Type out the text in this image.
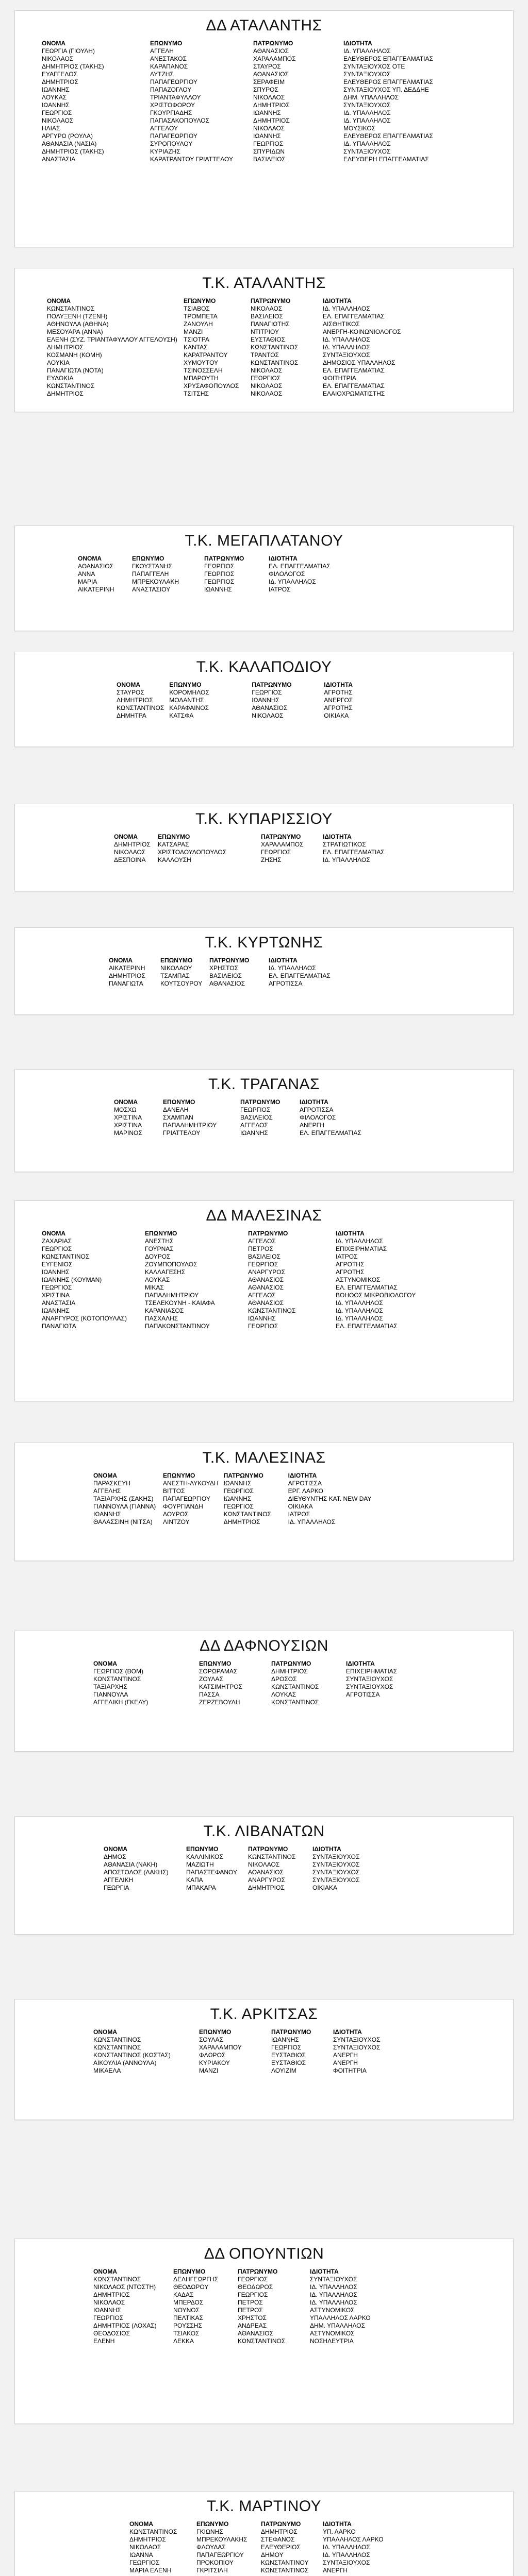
ΔΔ ΑΤΑΛΑΝΤΗΣ
ΟΝΟΜΑ	ΕΠΩΝΥΜΟ	ΠΑΤΡΩΝΥΜΟ	ΙΔΙΟΤΗΤΑ
ΓΕΩΡΓΙΑ (ΓΙΟΥΛΗ)	ΑΓΓΕΛΗ	ΑΘΑΝΑΣΙΟΣ	ΙΔ. ΥΠΑΛΛΗΛΟΣ
ΝΙΚΟΛΑΟΣ	ΑΝΕΣΤΑΚΟΣ	ΧΑΡΑΛΑΜΠΟΣ	ΕΛΕΥΘΕΡΟΣ ΕΠΑΓΓΕΛΜΑΤΙΑΣ
ΔΗΜΗΤΡΙΟΣ (ΤΑΚΗΣ)	ΚΑΡΑΠΑΝΟΣ	ΣΤΑΥΡΟΣ	ΣΥΝΤΑΞΙΟΥΧΟΣ ΟΤΕ
ΕΥΑΓΓΕΛΟΣ	ΛΥΤΖΗΣ	ΑΘΑΝΑΣΙΟΣ	ΣΥΝΤΑΞΙΟΥΧΟΣ
ΔΗΜΗΤΡΙΟΣ	ΠΑΠΑΓΕΩΡΓΙΟΥ	ΣΕΡΑΦΕΙΜ	ΕΛΕΥΘΕΡΟΣ ΕΠΑΓΓΕΛΜΑΤΙΑΣ
ΙΩΑΝΝΗΣ	ΠΑΠΑΖΟΓΛΟΥ	ΣΠΥΡΟΣ	ΣΥΝΤΑΞΙΟΥΧΟΣ ΥΠ. ΔΕΔΔΗΕ
ΛΟΥΚΑΣ	ΤΡΙΑΝΤΑΦΥΛΛΟΥ	ΝΙΚΟΛΑΟΣ	ΔΗΜ. ΥΠΑΛΛΗΛΟΣ
ΙΩΑΝΝΗΣ	ΧΡΙΣΤΟΦΟΡΟΥ	ΔΗΜΗΤΡΙΟΣ	ΣΥΝΤΑΞΙΟΥΧΟΣ
ΓΕΩΡΓΙΟΣ	ΓΚΟΥΡΓΙΑΔΗΣ	ΙΩΑΝΝΗΣ	ΙΔ. ΥΠΑΛΛΗΛΟΣ
ΝΙΚΟΛΑΟΣ	ΠΑΠΑΣΑΚΟΠΟΥΛΟΣ	ΔΗΜΗΤΡΙΟΣ	ΙΔ. ΥΠΑΛΛΗΛΟΣ
ΗΛΙΑΣ	ΑΓΓΕΛΟΥ	ΝΙΚΟΛΑΟΣ	ΜΟΥΣΙΚΟΣ
ΑΡΓΥΡΩ (ΡΟΥΛΑ)	ΠΑΠΑΓΕΩΡΓΙΟΥ	ΙΩΑΝΝΗΣ	ΕΛΕΥΘΕΡΟΣ ΕΠΑΓΓΕΛΜΑΤΙΑΣ
ΑΘΑΝΑΣΙΑ (ΝΑΣΙΑ)	ΣΥΡΟΠΟΥΛΟΥ	ΓΕΩΡΓΙΟΣ	ΙΔ. ΥΠΑΛΛΗΛΟΣ
ΔΗΜΗΤΡΙΟΣ (ΤΑΚΗΣ)	ΚΥΡΙΑΖΗΣ	ΣΠΥΡΙΔΩΝ	ΣΥΝΤΑΞΙΟΥΧΟΣ
ΑΝΑΣΤΑΣΙΑ	ΚΑΡΑΤΡΑΝΤΟΥ ΓΡΙΑΤΤΕΛΟΥ	ΒΑΣΙΛΕΙΟΣ	ΕΛΕΥΘΕΡΗ ΕΠΑΓΓΕΛΜΑΤΙΑΣ
Τ.Κ. ΑΤΑΛΑΝΤΗΣ
ΟΝΟΜΑ	ΕΠΩΝΥΜΟ	ΠΑΤΡΩΝΥΜΟ	ΙΔΙΟΤΗΤΑ
ΚΩΝΣΤΑΝΤΙΝΟΣ	ΤΣΙΑΒΟΣ	ΝΙΚΟΛΑΟΣ	ΙΔ. ΥΠΑΛΛΗΛΟΣ
ΠΟΛΥΞΕΝΗ (ΤΖΕΝΗ)	ΤΡΟΜΠΕΤΑ	ΒΑΣΙΛΕΙΟΣ	ΕΛ. ΕΠΑΓΓΕΛΜΑΤΙΑΣ
ΑΘΗΝΟΥΛΑ (ΑΘΗΝΑ)	ΖΑΝΟΥΛΗ	ΠΑΝΑΓΙΩΤΗΣ	ΑΙΣΘΗΤΙΚΟΣ
ΜΕΣΟΥΑΡΑ (ΑΝΝΑ)	ΜΑΝΖΙ	ΝΤΙΤΡΙΟΥ	ΑΝΕΡΓΗ-ΚΟΙΝΩΝΙΟΛΟΓΟΣ
ΕΛΕΝΗ (ΣΥΖ. ΤΡΙΑΝΤΑΦΥΛΛΟΥ ΑΓΓΕΛΟΥΣΗ)	ΤΣΙΟΤΡΑ	ΕΥΣΤΑΘΙΟΣ	ΙΔ. ΥΠΑΛΛΗΛΟΣ
ΔΗΜΗΤΡΙΟΣ	ΚΑΝΤΑΣ	ΚΩΝΣΤΑΝΤΙΝΟΣ	ΙΔ. ΥΠΑΛΛΗΛΟΣ
ΚΟΣΜΑΝΗ (ΚΟΜΗ)	ΚΑΡΑΤΡΑΝΤΟΥ	ΤΡΑΝΤΟΣ	ΣΥΝΤΑΞΙΟΥΧΟΣ
ΛΟΥΚΙΑ	ΧΥΜΟΥΤΟΥ	ΚΩΝΣΤΑΝΤΙΝΟΣ	ΔΗΜΟΣΙΟΣ ΥΠΑΛΛΗΛΟΣ
ΠΑΝΑΓΙΩΤΑ (ΝΟΤΑ)	ΤΣΙΝΟΣΣΕΛΗ	ΝΙΚΟΛΑΟΣ	ΕΛ. ΕΠΑΓΓΕΛΜΑΤΙΑΣ
ΕΥΔΟΚΙΑ	ΜΠΑΡΟΥΤΗ	ΓΕΩΡΓΙΟΣ	ΦΟΙΤΗΤΡΙΑ
ΚΩΝΣΤΑΝΤΙΝΟΣ	ΧΡΥΣΑΦΟΠΟΥΛΟΣ	ΝΙΚΟΛΑΟΣ	ΕΛ. ΕΠΑΓΓΕΛΜΑΤΙΑΣ
ΔΗΜΗΤΡΙΟΣ	ΤΣΙΤΣΗΣ	ΝΙΚΟΛΑΟΣ	ΕΛΑΙΟΧΡΩΜΑΤΙΣΤΗΣ
Τ.Κ. ΜΕΓΑΠΛΑΤΑΝΟΥ
ΟΝΟΜΑ	ΕΠΩΝΥΜΟ	ΠΑΤΡΩΝΥΜΟ	ΙΔΙΟΤΗΤΑ
ΑΘΑΝΑΣΙΟΣ	ΓΚΟΥΣΤΑΝΗΣ	ΓΕΩΡΓΙΟΣ	ΕΛ. ΕΠΑΓΓΕΛΜΑΤΙΑΣ
ΑΝΝΑ	ΠΑΠΑΓΓΕΛΗ	ΓΕΩΡΓΙΟΣ	ΦΙΛΟΛΟΓΟΣ
ΜΑΡΙΑ	ΜΠΡΕΚΟΥΛΑΚΗ	ΓΕΩΡΓΙΟΣ	ΙΔ. ΥΠΑΛΛΗΛΟΣ
ΑΙΚΑΤΕΡΙΝΗ	ΑΝΑΣΤΑΣΙΟΥ	ΙΩΑΝΝΗΣ	ΙΑΤΡΟΣ
Τ.Κ. ΚΑΛΑΠΟΔΙΟΥ
ΟΝΟΜΑ	ΕΠΩΝΥΜΟ	ΠΑΤΡΩΝΥΜΟ	ΙΔΙΟΤΗΤΑ
ΣΤΑΥΡΟΣ	ΚΟΡΟΜΗΛΟΣ	ΓΕΩΡΓΙΟΣ	ΑΓΡΟΤΗΣ
ΔΗΜΗΤΡΙΟΣ	ΜΟΔΑΝΤΗΣ	ΙΩΑΝΝΗΣ	ΑΝΕΡΓΟΣ
ΚΩΝΣΤΑΝΤΙΝΟΣ	ΚΑΡΑΦΑΙΝΟΣ	ΑΘΑΝΑΣΙΟΣ	ΑΓΡΟΤΗΣ
ΔΗΜΗΤΡΑ	ΚΑΤΣΦΑ	ΝΙΚΟΛΑΟΣ	ΟΙΚΙΑΚΑ
Τ.Κ. ΚΥΠΑΡΙΣΣΙΟΥ
ΟΝΟΜΑ	ΕΠΩΝΥΜΟ	ΠΑΤΡΩΝΥΜΟ	ΙΔΙΟΤΗΤΑ
ΔΗΜΗΤΡΙΟΣ	ΚΑΤΣΑΡΑΣ	ΧΑΡΑΛΑΜΠΟΣ	ΣΤΡΑΤΙΩΤΙΚΟΣ
ΝΙΚΟΛΑΟΣ	ΧΡΙΣΤΟΔΟΥΛΟΠΟΥΛΟΣ	ΓΕΩΡΓΙΟΣ	ΕΛ. ΕΠΑΓΓΕΛΜΑΤΙΑΣ
ΔΕΣΠΟΙΝΑ	ΚΑΛΛΟΥΣΗ	ΖΗΣΗΣ	ΙΔ. ΥΠΑΛΛΗΛΟΣ
Τ.Κ. ΚΥΡΤΩΝΗΣ
ΟΝΟΜΑ	ΕΠΩΝΥΜΟ	ΠΑΤΡΩΝΥΜΟ	ΙΔΙΟΤΗΤΑ
ΑΙΚΑΤΕΡΙΝΗ	ΝΙΚΟΛΑΟΥ	ΧΡΗΣΤΟΣ	ΙΔ. ΥΠΑΛΛΗΛΟΣ
ΔΗΜΗΤΡΙΟΣ	ΤΣΑΜΠΑΣ	ΒΑΣΙΛΕΙΟΣ	ΕΛ. ΕΠΑΓΓΕΛΜΑΤΙΑΣ
ΠΑΝΑΓΙΩΤΑ	ΚΟΥΤΣΟΥΡΟΥ	ΑΘΑΝΑΣΙΟΣ	ΑΓΡΟΤΙΣΣΑ
Τ.Κ. ΤΡΑΓΑΝΑΣ
ΟΝΟΜΑ	ΕΠΩΝΥΜΟ	ΠΑΤΡΩΝΥΜΟ	ΙΔΙΟΤΗΤΑ
ΜΟΣΧΩ	ΔΑΝΕΛΗ	ΓΕΩΡΓΙΟΣ	ΑΓΡΟΤΙΣΣΑ
ΧΡΙΣΤΙΝΑ	ΣΧΑΜΠΑΝ	ΒΑΣΙΛΕΙΟΣ	ΦΙΛΟΛΟΓΟΣ
ΧΡΙΣΤΙΝΑ	ΠΑΠΑΔΗΜΗΤΡΙΟΥ	ΑΓΓΕΛΟΣ	ΑΝΕΡΓΗ
ΜΑΡΙΝΟΣ	ΓΡΙΑΤΤΕΛΟΥ	ΙΩΑΝΝΗΣ	ΕΛ. ΕΠΑΓΓΕΛΜΑΤΙΑΣ
ΔΔ ΜΑΛΕΣΙΝΑΣ
ΟΝΟΜΑ	ΕΠΩΝΥΜΟ	ΠΑΤΡΩΝΥΜΟ	ΙΔΙΟΤΗΤΑ
ΖΑΧΑΡΙΑΣ	ΑΝΕΣΤΗΣ	ΑΓΓΕΛΟΣ	ΙΔ. ΥΠΑΛΛΗΛΟΣ
ΓΕΩΡΓΙΟΣ	ΓΟΥΡΝΑΣ	ΠΕΤΡΟΣ	ΕΠΙΧΕΙΡΗΜΑΤΙΑΣ
ΚΩΝΣΤΑΝΤΙΝΟΣ	ΔΟΥΡΟΣ	ΒΑΣΙΛΕΙΟΣ	ΙΑΤΡΟΣ
ΕΥΓΕΝΙΟΣ	ΖΟΥΜΠΟΠΟΥΛΟΣ	ΓΕΩΡΓΙΟΣ	ΑΓΡΟΤΗΣ
ΙΩΑΝΝΗΣ	ΚΑΛΛΑΓΕΣΗΣ	ΑΝΑΡΓΥΡΟΣ	ΑΓΡΟΤΗΣ
ΙΩΑΝΝΗΣ (ΚΟΥΜΑΝ)	ΛΟΥΚΑΣ	ΑΘΑΝΑΣΙΟΣ	ΑΣΤΥΝΟΜΙΚΟΣ
ΓΕΩΡΓΙΟΣ	ΜΙΚΑΣ	ΑΘΑΝΑΣΙΟΣ	ΕΛ. ΕΠΑΓΓΕΛΜΑΤΙΑΣ
ΧΡΙΣΤΙΝΑ	ΠΑΠΑΔΗΜΗΤΡΙΟΥ	ΑΓΓΕΛΟΣ	ΒΟΗΘΟΣ ΜΙΚΡΟΒΙΟΛΟΓΟΥ
ΑΝΑΣΤΑΣΙΑ	ΤΣΕΛΕΚΟΥΝΗ - ΚΑΙΑΦΑ	ΑΘΑΝΑΣΙΟΣ	ΙΔ. ΥΠΑΛΛΗΛΟΣ
ΙΩΑΝΝΗΣ	ΚΑΡΑΝΙΑΣΟΣ	ΚΩΝΣΤΑΝΤΙΝΟΣ	ΙΔ. ΥΠΑΛΛΗΛΟΣ
ΑΝΑΡΓΥΡΟΣ (ΚΟΤΟΠΟΥΛΑΣ)	ΠΑΣΧΑΛΗΣ	ΙΩΑΝΝΗΣ	ΙΔ. ΥΠΑΛΛΗΛΟΣ
ΠΑΝΑΓΙΩΤΑ	ΠΑΠΑΚΩΝΣΤΑΝΤΙΝΟΥ	ΓΕΩΡΓΙΟΣ	ΕΛ. ΕΠΑΓΓΕΛΜΑΤΙΑΣ
Τ.Κ. ΜΑΛΕΣΙΝΑΣ
ΟΝΟΜΑ	ΕΠΩΝΥΜΟ	ΠΑΤΡΩΝΥΜΟ	ΙΔΙΟΤΗΤΑ
ΠΑΡΑΣΚΕΥΗ	ΑΝΕΣΤΗ-ΛΥΚΟΥΔΗ	ΙΩΑΝΝΗΣ	ΑΓΡΟΤΙΣΣΑ
ΑΓΓΕΛΗΣ	ΒΙΤΤΟΣ	ΓΕΩΡΓΙΟΣ	ΕΡΓ. ΛΑΡΚΟ
ΤΑΞΙΑΡΧΗΣ (ΣΑΚΗΣ)	ΠΑΠΑΓΕΩΡΓΙΟΥ	ΙΩΑΝΝΗΣ	ΔΙΕΥΘΥΝΤΗΣ ΚΑΤ. NEW DAY
ΓΙΑΝΝΟΥΛΑ (ΓΙΑΝΝΑ)	ΦΟΥΡΓΙΑΝΔΗ	ΓΕΩΡΓΙΟΣ	ΟΙΚΙΑΚΑ
ΙΩΑΝΝΗΣ	ΔΟΥΡΟΣ	ΚΩΝΣΤΑΝΤΙΝΟΣ	ΙΑΤΡΟΣ
ΘΑΛΑΣΣΙΝΗ (ΝΙΤΣΑ)	ΛΙΝΤΖΟΥ	ΔΗΜΗΤΡΙΟΣ	ΙΔ. ΥΠΑΛΛΗΛΟΣ
ΔΔ ΔΑΦΝΟΥΣΙΩΝ
ΟΝΟΜΑ	ΕΠΩΝΥΜΟ	ΠΑΤΡΩΝΥΜΟ	ΙΔΙΟΤΗΤΑ
ΓΕΩΡΓΙΟΣ (ΒΟΜ)	ΣΟΡΩΡΑΜΑΣ	ΔΗΜΗΤΡΙΟΣ	ΕΠΙΧΕΙΡΗΜΑΤΙΑΣ
ΚΩΝΣΤΑΝΤΙΝΟΣ	ΖΟΥΛΑΣ	ΔΡΟΣΟΣ	ΣΥΝΤΑΞΙΟΥΧΟΣ
ΤΑΞΙΑΡΧΗΣ	ΚΑΤΣΙΜΗΤΡΟΣ	ΚΩΝΣΤΑΝΤΙΝΟΣ	ΣΥΝΤΑΞΙΟΥΧΟΣ
ΓΙΑΝΝΟΥΛΑ	ΠΑΣΣΑ	ΛΟΥΚΑΣ	ΑΓΡΟΤΙΣΣΑ
ΑΓΓΕΛΙΚΗ (ΓΚΕΛΥ)	ΖΕΡΖΕΒΟΥΛΗ	ΚΩΝΣΤΑΝΤΙΝΟΣ	
Τ.Κ. ΛΙΒΑΝΑΤΩΝ
ΟΝΟΜΑ	ΕΠΩΝΥΜΟ	ΠΑΤΡΩΝΥΜΟ	ΙΔΙΟΤΗΤΑ
ΔΗΜΟΣ	ΚΑΛΛΙΝΙΚΟΣ	ΚΩΝΣΤΑΝΤΙΝΟΣ	ΣΥΝΤΑΞΙΟΥΧΟΣ
ΑΘΑΝΑΣΙΑ (ΝΑΚΗ)	ΜΑΖΙΩΤΗ	ΝΙΚΟΛΑΟΣ	ΣΥΝΤΑΞΙΟΥΧΟΣ
ΑΠΟΣΤΟΛΟΣ (ΛΑΚΗΣ)	ΠΑΠΑΣΤΕΦΑΝΟΥ	ΑΘΑΝΑΣΙΟΣ	ΣΥΝΤΑΞΙΟΥΧΟΣ
ΑΓΓΕΛΙΚΗ	ΚΑΠΑ	ΑΝΑΡΓΥΡΟΣ	ΣΥΝΤΑΞΙΟΥΧΟΣ
ΓΕΩΡΓΙΑ	ΜΠΑΚΑΡΑ	ΔΗΜΗΤΡΙΟΣ	ΟΙΚΙΑΚΑ
Τ.Κ. ΑΡΚΙΤΣΑΣ
ΟΝΟΜΑ	ΕΠΩΝΥΜΟ	ΠΑΤΡΩΝΥΜΟ	ΙΔΙΟΤΗΤΑ
ΚΩΝΣΤΑΝΤΙΝΟΣ	ΣΟΥΛΑΣ	ΙΩΑΝΝΗΣ	ΣΥΝΤΑΞΙΟΥΧΟΣ
ΚΩΝΣΤΑΝΤΙΝΟΣ	ΧΑΡΑΛΑΜΠΟΥ	ΓΕΩΡΓΙΟΣ	ΣΥΝΤΑΞΙΟΥΧΟΣ
ΚΩΝΣΤΑΝΤΙΝΟΣ (ΚΩΣΤΑΣ)	ΦΛΩΡΟΣ	ΕΥΣΤΑΘΙΟΣ	ΑΝΕΡΓΗ
ΑΙΚΟΥΛΙΑ (ΑΝΝΟΥΛΑ)	ΚΥΡΙΑΚΟΥ	ΕΥΣΤΑΘΙΟΣ	ΑΝΕΡΓΗ
ΜΙΚΑΕΛΑ	ΜΑΝΖΙ	ΛΟΥΙΖΙΜ	ΦΟΙΤΗΤΡΙΑ
ΔΔ ΟΠΟΥΝΤΙΩΝ
ΟΝΟΜΑ	ΕΠΩΝΥΜΟ	ΠΑΤΡΩΝΥΜΟ	ΙΔΙΟΤΗΤΑ
ΚΩΝΣΤΑΝΤΙΝΟΣ	ΔΕΛΗΓΕΩΡΓΗΣ	ΓΕΩΡΓΙΟΣ	ΣΥΝΤΑΞΙΟΥΧΟΣ
ΝΙΚΟΛΑΟΣ (ΝΤΟΣΤΗ)	ΘΕΟΔΩΡΟΥ	ΘΕΟΔΩΡΟΣ	ΙΔ. ΥΠΑΛΛΗΛΟΣ
ΔΗΜΗΤΡΙΟΣ	ΚΑΔΑΣ	ΓΕΩΡΓΙΟΣ	ΙΔ. ΥΠΑΛΛΗΛΟΣ
ΝΙΚΟΛΑΟΣ	ΜΠΕΡΔΟΣ	ΠΕΤΡΟΣ	ΙΔ. ΥΠΑΛΛΗΛΟΣ
ΙΩΑΝΝΗΣ	ΝΟΥΝΟΣ	ΠΕΤΡΟΣ	ΑΣΤΥΝΟΜΙΚΟΣ
ΓΕΩΡΓΙΟΣ	ΠΕΛΤΙΚΑΣ	ΧΡΗΣΤΟΣ	ΥΠΑΛΛΗΛΟΣ ΛΑΡΚΟ
ΔΗΜΗΤΡΙΟΣ (ΛΟΧΑΣ)	ΡΟΥΣΣΗΣ	ΑΝΔΡΕΑΣ	ΔΗΜ. ΥΠΑΛΛΗΛΟΣ
ΘΕΟΔΟΣΙΟΣ	ΤΣΙΑΚΟΣ	ΑΘΑΝΑΣΙΟΣ	ΑΣΤΥΝΟΜΙΚΟΣ
ΕΛΕΝΗ	ΛΕΚΚΑ	ΚΩΝΣΤΑΝΤΙΝΟΣ	ΝΟΣΗΛΕΥΤΡΙΑ
Τ.Κ. ΜΑΡΤΙΝΟΥ
ΟΝΟΜΑ	ΕΠΩΝΥΜΟ	ΠΑΤΡΩΝΥΜΟ	ΙΔΙΟΤΗΤΑ
ΚΩΝΣΤΑΝΤΙΝΟΣ	ΓΚΙΩΝΗΣ	ΔΗΜΗΤΡΙΟΣ	ΥΠ. ΛΑΡΚΟ
ΔΗΜΗΤΡΙΟΣ	ΜΠΡΕΚΟΥΛΑΚΗΣ	ΣΤΕΦΑΝΟΣ	ΥΠΑΛΛΗΛΟΣ ΛΑΡΚΟ
ΝΙΚΟΛΑΟΣ	ΦΛΟΥΔΑΣ	ΕΛΕΥΘΕΡΙΟΣ	ΙΔ. ΥΠΑΛΛΗΛΟΣ
ΙΩΑΝΝΑ	ΠΑΠΑΓΕΩΡΓΙΟΥ	ΔΗΜΟΥ	ΙΔ. ΥΠΑΛΛΗΛΟΣ
ΓΕΩΡΓΙΟΣ	ΠΡΟΚΟΠΙΟΥ	ΚΩΝΣΤΑΝΤΙΝΟΥ	ΣΥΝΤΑΞΙΟΥΧΟΣ
ΜΑΡΙΑ ΕΛΕΝΗ	ΓΚΡΙΤΣΙΛΗ	ΚΩΝΣΤΑΝΤΙΝΟΣ	ΑΝΕΡΓΗ
